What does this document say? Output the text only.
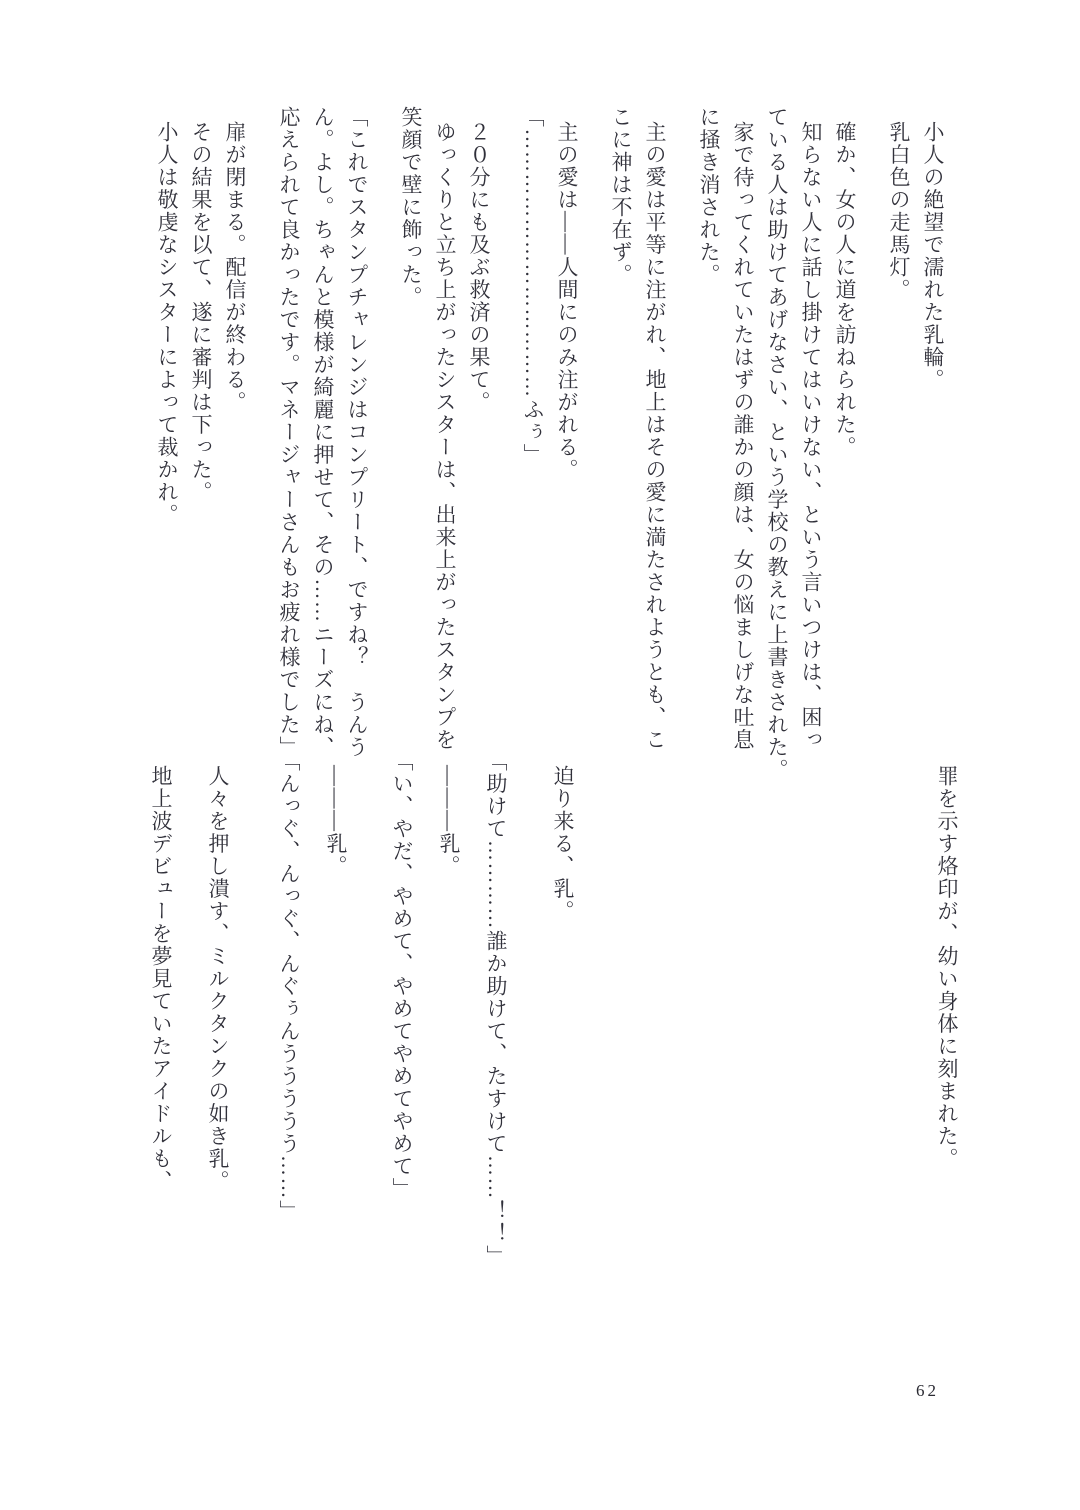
小人の絶望で濡れた乳輪。

乳白色の走馬灯。

確か、女の人に道を訪ねられた。

知らない人に話し掛けてはいけない、という言いつけは、困っ

ている人は助けてあげなさい、という学校の教えに上書きされた。

家で待ってくれていたはずの誰かの顔は、女の悩ましげな吐息

に掻き消された。

主の愛は平等に注がれ、地上はその愛に満たされようとも、こ

こに神は不在ず。

主の愛は――人間にのみ注がれる。

「………………………………ふぅ」

２０分にも及ぶ救済の果て。

ゆっくりと立ち上がったシスターは、出来上がったスタンプを

笑顔で壁に飾った。

「これでスタンプチャレンジはコンプリート、ですね？　うんう

ん。よし。ちゃんと模様が綺麗に押せて、その……ニーズにね、

応えられて良かったです。マネージャーさんもお疲れ様でした」

扉が閉まる。配信が終わる。

その結果を以て、遂に審判は下った。

小人は敬虔なシスターによって裁かれ。

罪を示す烙印が、幼い身体に刻まれた。

迫り来る、乳。

「助けて…………誰か助けて、たすけて……！！」

―――乳。

「い、やだ、やめて、やめてやめてやめて」

―――乳。

「んっぐ、んっぐ、んぐぅんううううう……」

人々を押し潰す、ミルクタンクの如き乳。

地上波デビューを夢見ていたアイドルも、

62
